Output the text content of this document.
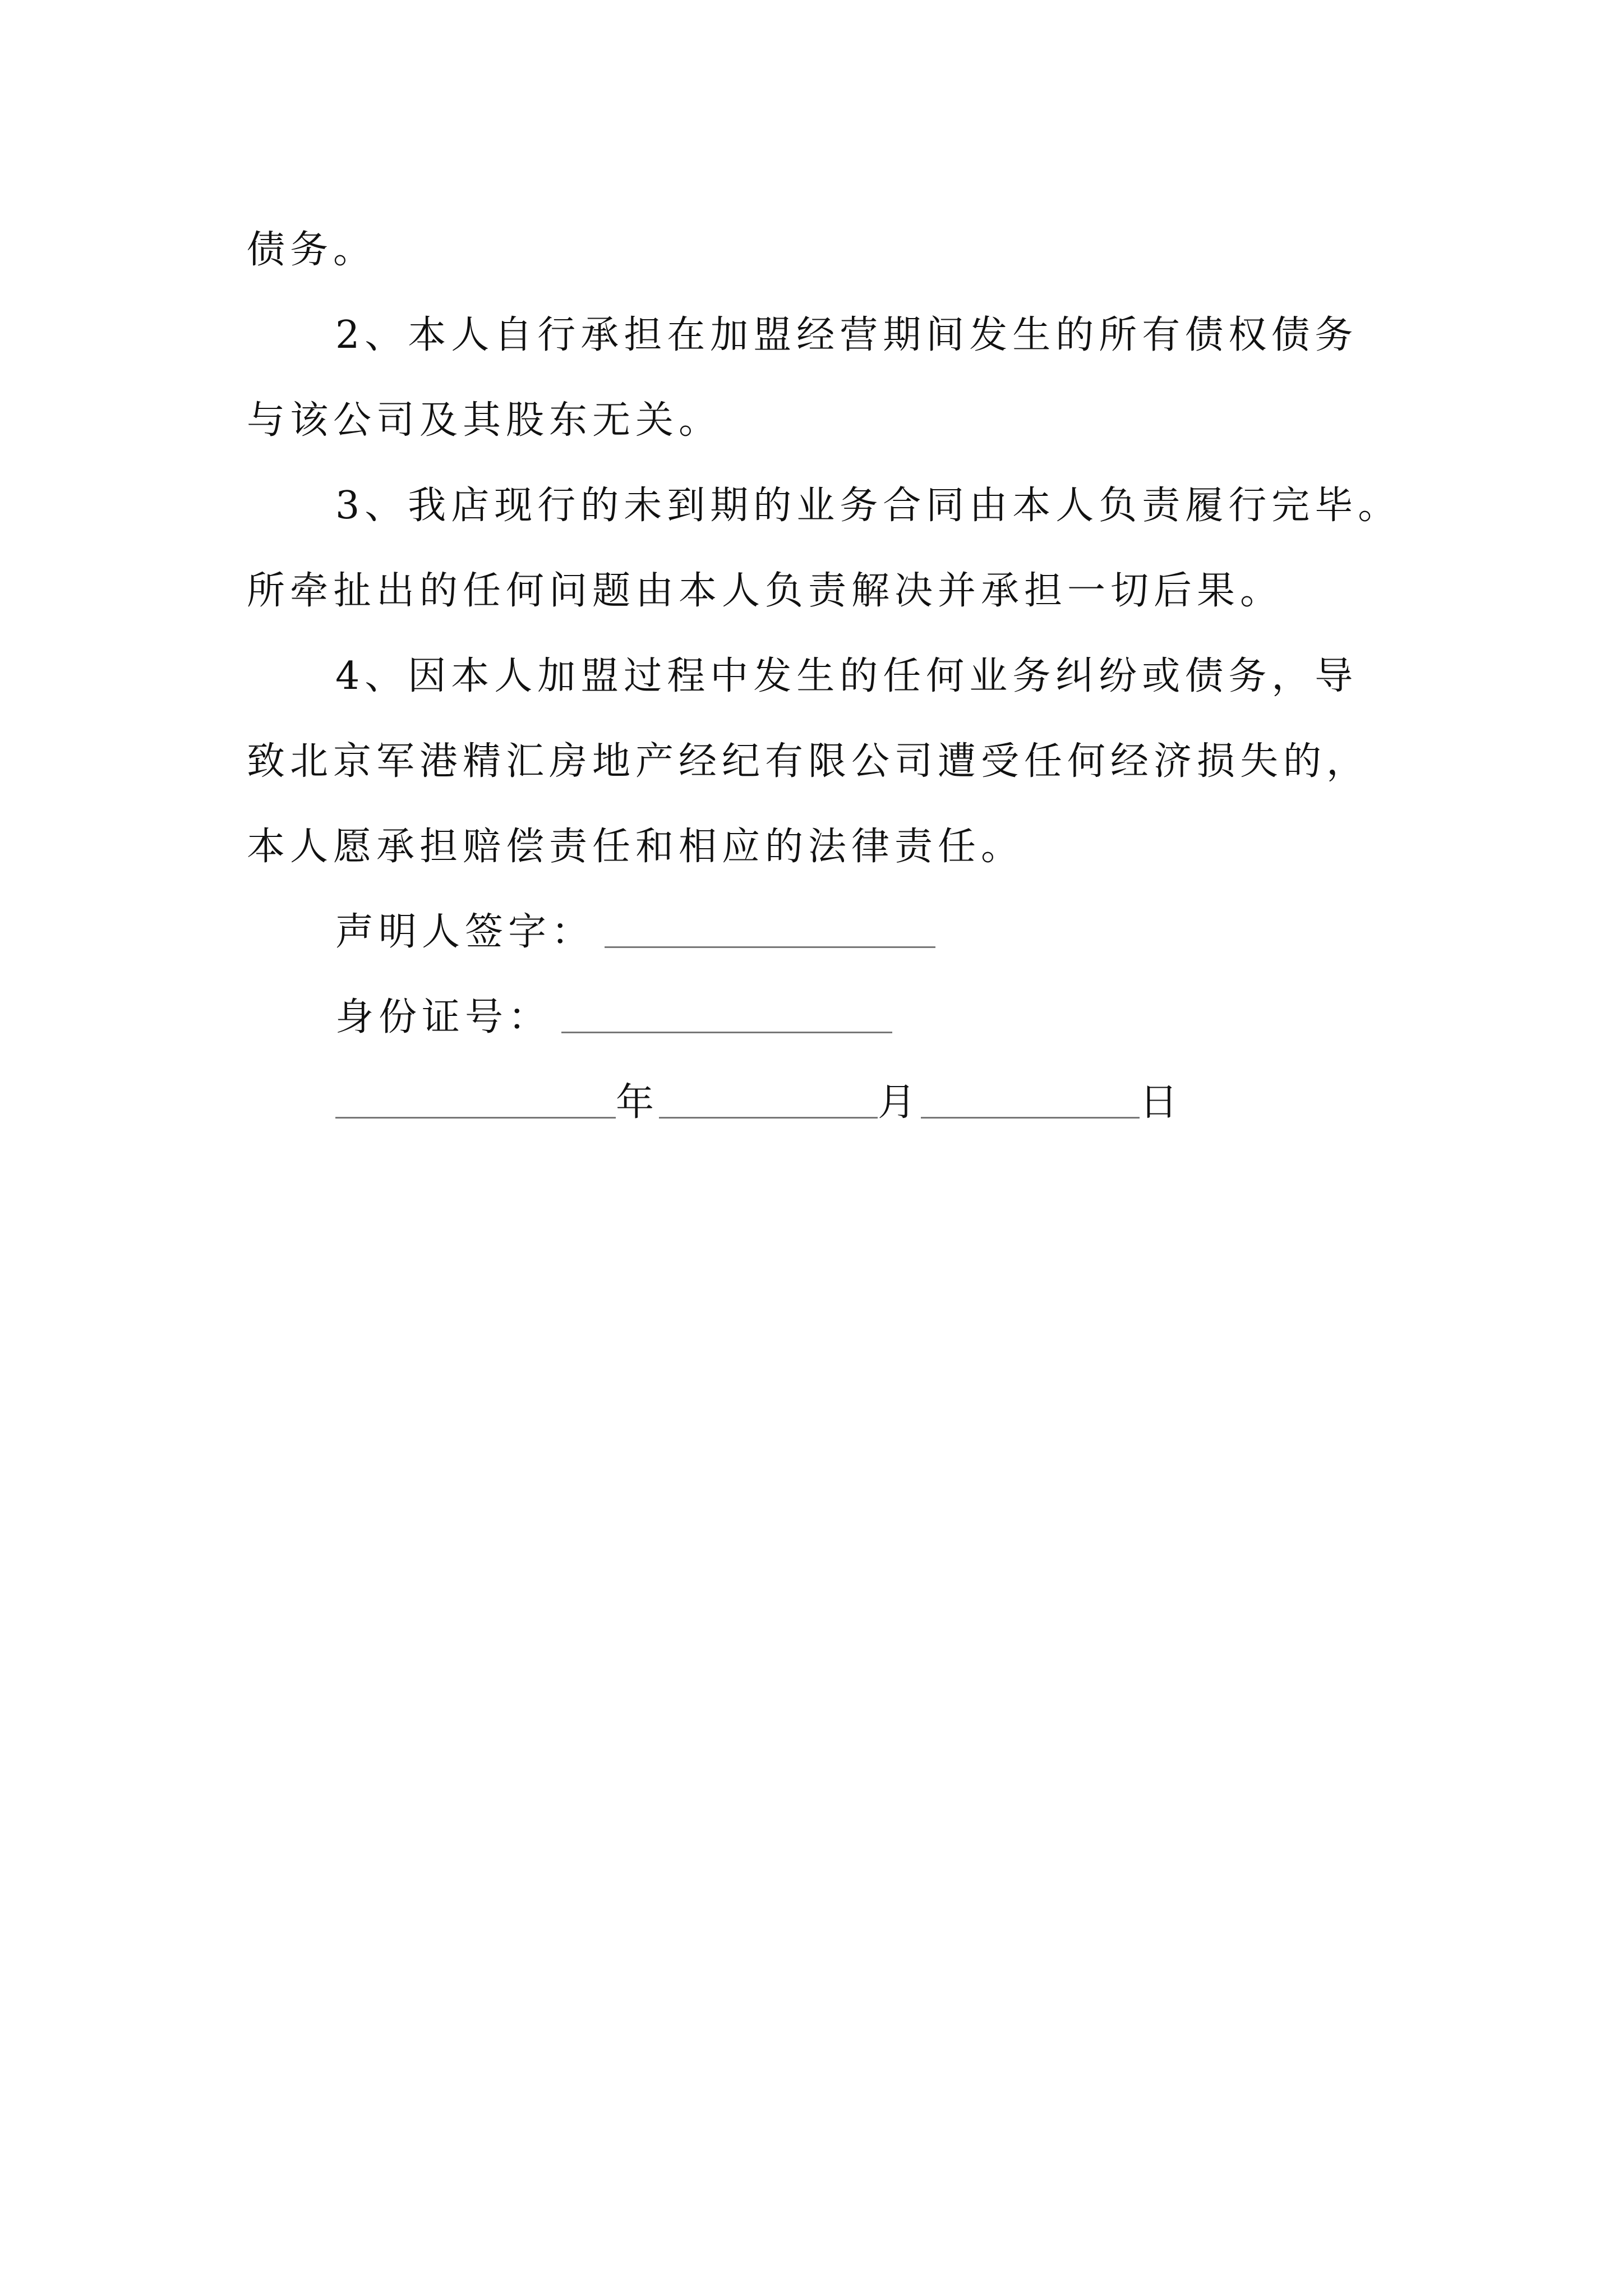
债务。
2、本人自行承担在加盟经营期间发生的所有债权债务
与该公司及其股东无关。
3、我店现行的未到期的业务合同由本人负责履行完毕。
所牵扯出的任何问题由本人负责解决并承担一切后果。
4、因本人加盟过程中发生的任何业务纠纷或债务，导
致北京军港精汇房地产经纪有限公司遭受任何经济损失的，
本人愿承担赔偿责任和相应的法律责任。
声明人签字：
身份证号：
年	月	日
